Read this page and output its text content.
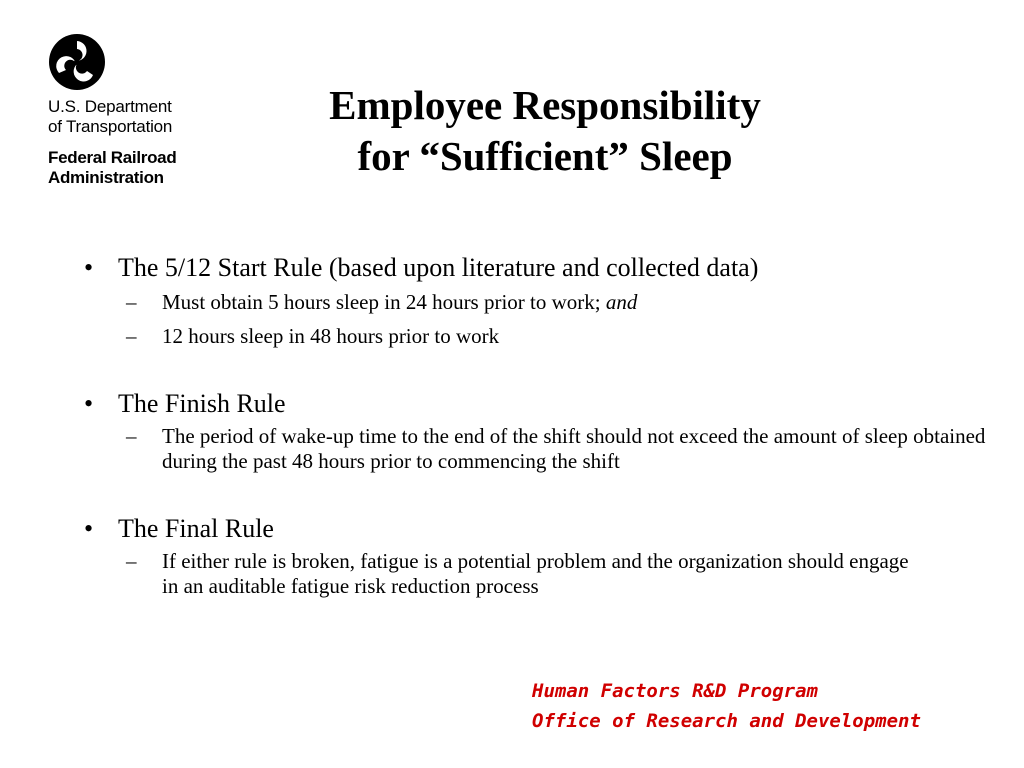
U.S. Department
of Transportation
Federal Railroad
Administration
Employee Responsibility
for “Sufficient” Sleep
• The 5/12 Start Rule (based upon literature and collected data)
– Must obtain 5 hours sleep in 24 hours prior to work; and
– 12 hours sleep in 48 hours prior to work
• The Finish Rule
– The period of wake-up time to the end of the shift should not exceed the amount of sleep obtained during the past 48 hours prior to commencing the shift
• The Final Rule
– If either rule is broken, fatigue is a potential problem and the organization should engage in an auditable fatigue risk reduction process
Human Factors R&D Program
Office of Research and Development
